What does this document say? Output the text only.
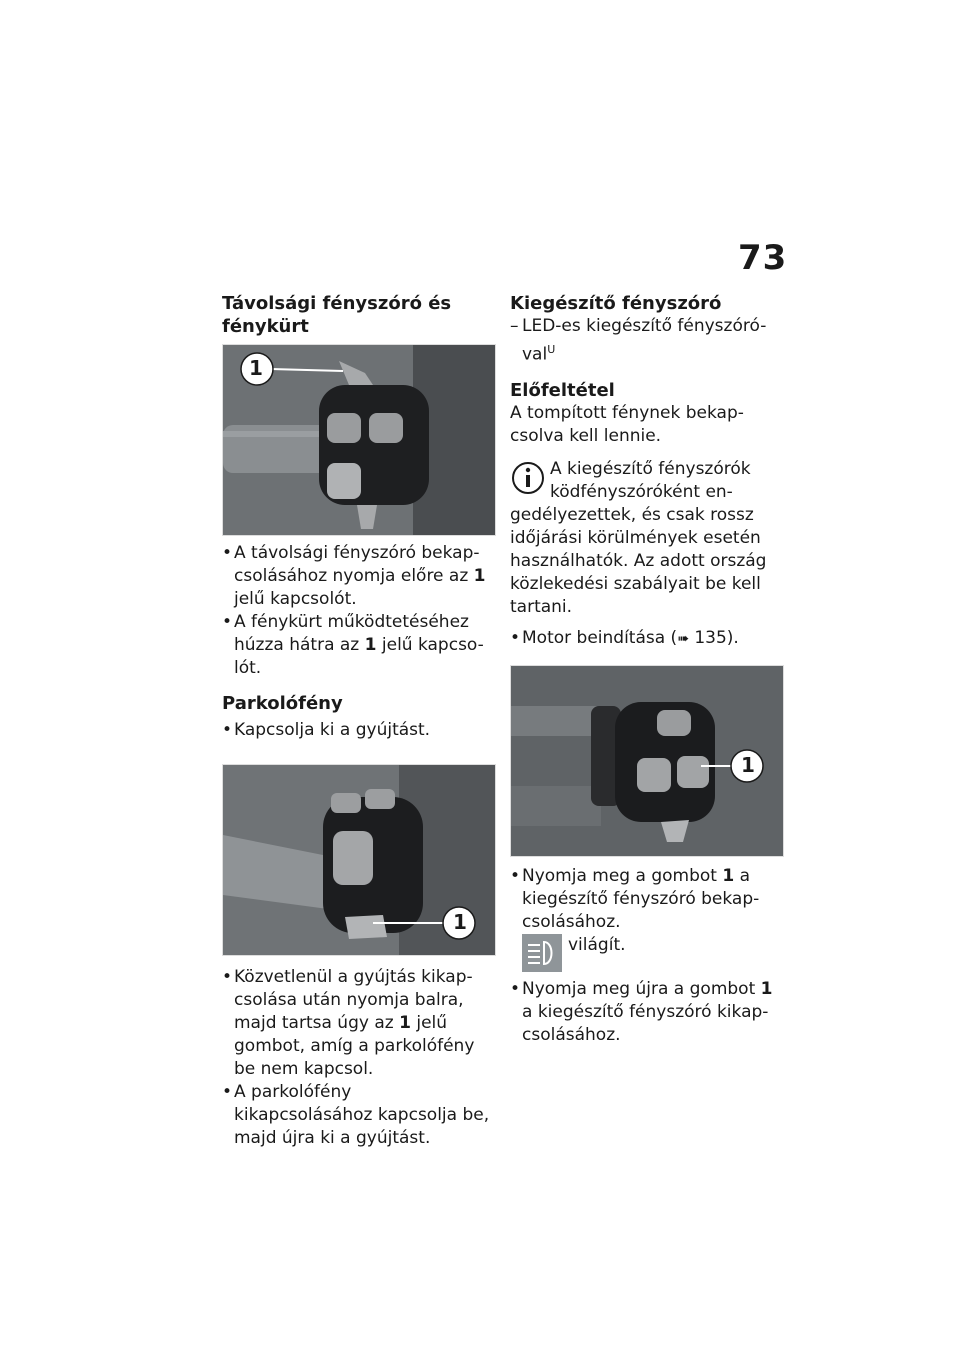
73
Távolsági fényszóró és fénykürt
1
• A távolsági fényszóró bekap-csolásához nyomja előre az 1 jelű kapcsolót.
• A fénykürt működtetéséhez húzza hátra az 1 jelű kapcso-lót.
Parkolófény
• Kapcsolja ki a gyújtást.
1
• Közvetlenül a gyújtás kikap-csolása után nyomja balra, majd tartsa úgy az 1 jelű gombot, amíg a parkolófény be nem kapcsol.
• A parkolófény kikapcsolásához kapcsolja be, majd újra ki a gyújtást.
Kiegészítő fényszóró
– LED-es kiegészítő fényszóró-val$^U$
Előfeltétel

A tompított fénynek bekap-csolva kell lennie.

A kiegészítő fényszórók ködfényszóróként en-gedélyezettek, és csak rossz időjárási körülmények esetén használhatók. Az adott ország közlekedési szabályait be kell tartani.

• Motor beindítása (➠ 135).
1
• Nyomja meg a gombot 1 a kiegészítő fényszóró bekap-csolásához.
világít.
• Nyomja meg újra a gombot 1 a kiegészítő fényszóró kikap-csolásához.
